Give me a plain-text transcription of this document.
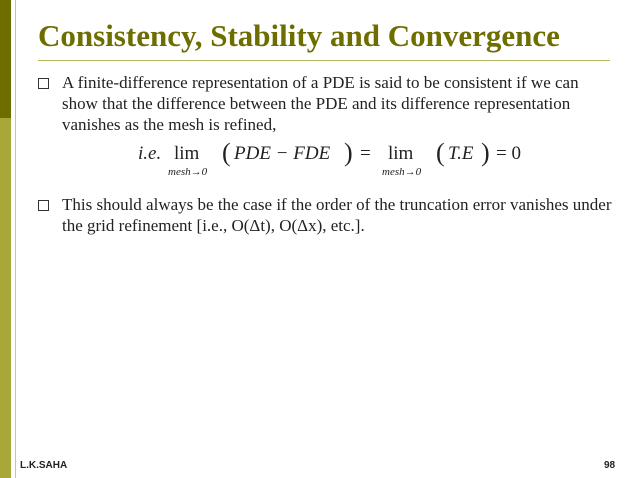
Consistency, Stability and Convergence

A finite-difference representation of a PDE is said to be consistent if we can show that the difference between the PDE and its difference representation vanishes as the mesh is refined,

i.e. lim
mesh→0
( PDE − FDE ) = lim
mesh→0
( T.E ) = 0

This should always be the case if the order of the truncation error vanishes under the grid refinement [i.e., O(Δt), O(Δx), etc.].

L.K.SAHA	98
